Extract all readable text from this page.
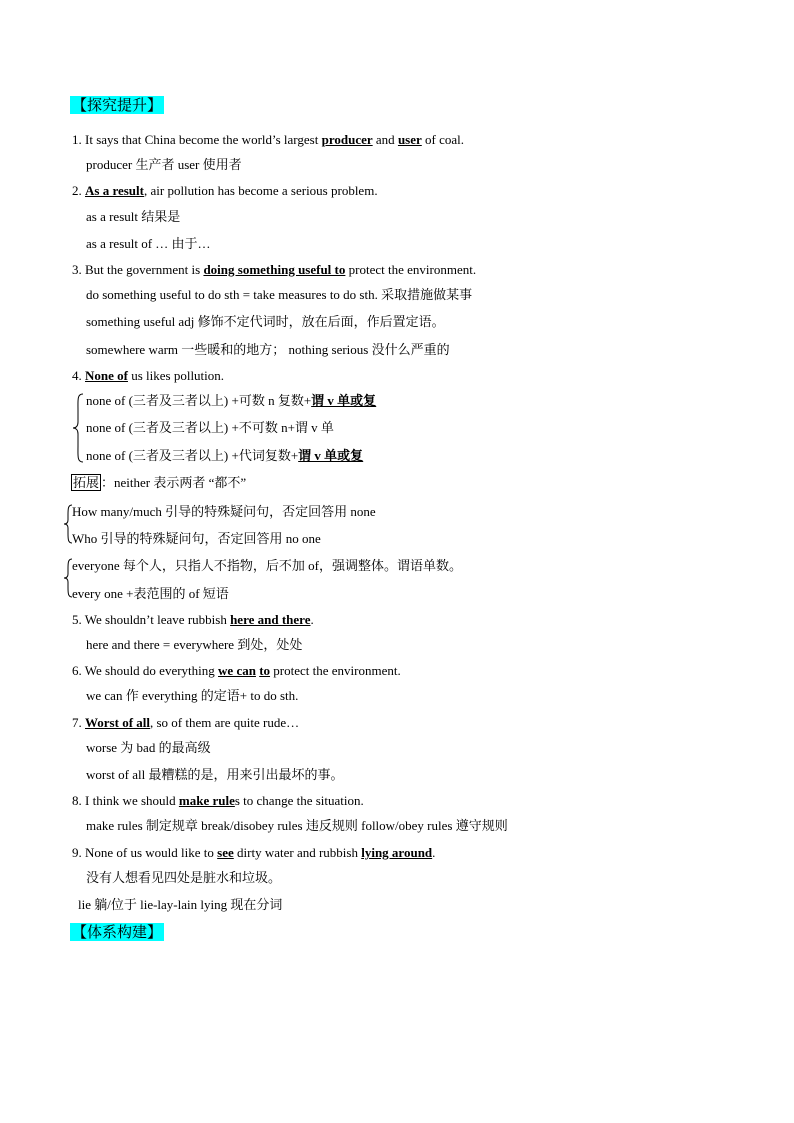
【探究提升】
1. It says that China become the world’s largest producer and user of coal.
producer 生产者 user 使用者
2. As a result, air pollution has become a serious problem.
as a result 结果是
as a result of … 由于…
3. But the government is doing something useful to protect the environment.
do something useful to do sth = take measures to do sth. 采取措施做某事
something useful adj 修饰不定代词时，放在后面，作后置定语。
somewhere warm 一些暖和的地方； nothing serious 没什么严重的
4. None of us likes pollution.
none of (三者及三者以上) +可数 n 复数+谓 v 单或复
none of (三者及三者以上) +不可数 n+谓 v 单
none of (三者及三者以上) +代词复数+谓 v 单或复
拓展 ：neither 表示两者 “都不”
How many/much 引导的特殊疑问句，否定回答用 none
Who 引导的特殊疑问句，否定回答用 no one
everyone 每个人，只指人不指物，后不加 of，强调整体。谓语单数。
every one +表范围的 of 短语
5. We shouldn’t leave rubbish here and there.
here and there = everywhere 到处，处处
6. We should do everything we can to protect the environment.
we can 作 everything 的定语+ to do sth.
7. Worst of all, so of them are quite rude…
worse 为 bad 的最高级
worst of all 最糟糕的是，用来引出最坏的事。
8. I think we should make rules to change the situation.
make rules 制定规章 break/disobey rules 违反规则 follow/obey rules 遵守规则
9. None of us would like to see dirty water and rubbish lying around.
没有人想看见四处是脏水和垃圾。
lie 躺/位于 lie-lay-lain lying 现在分词
【体系构建】
